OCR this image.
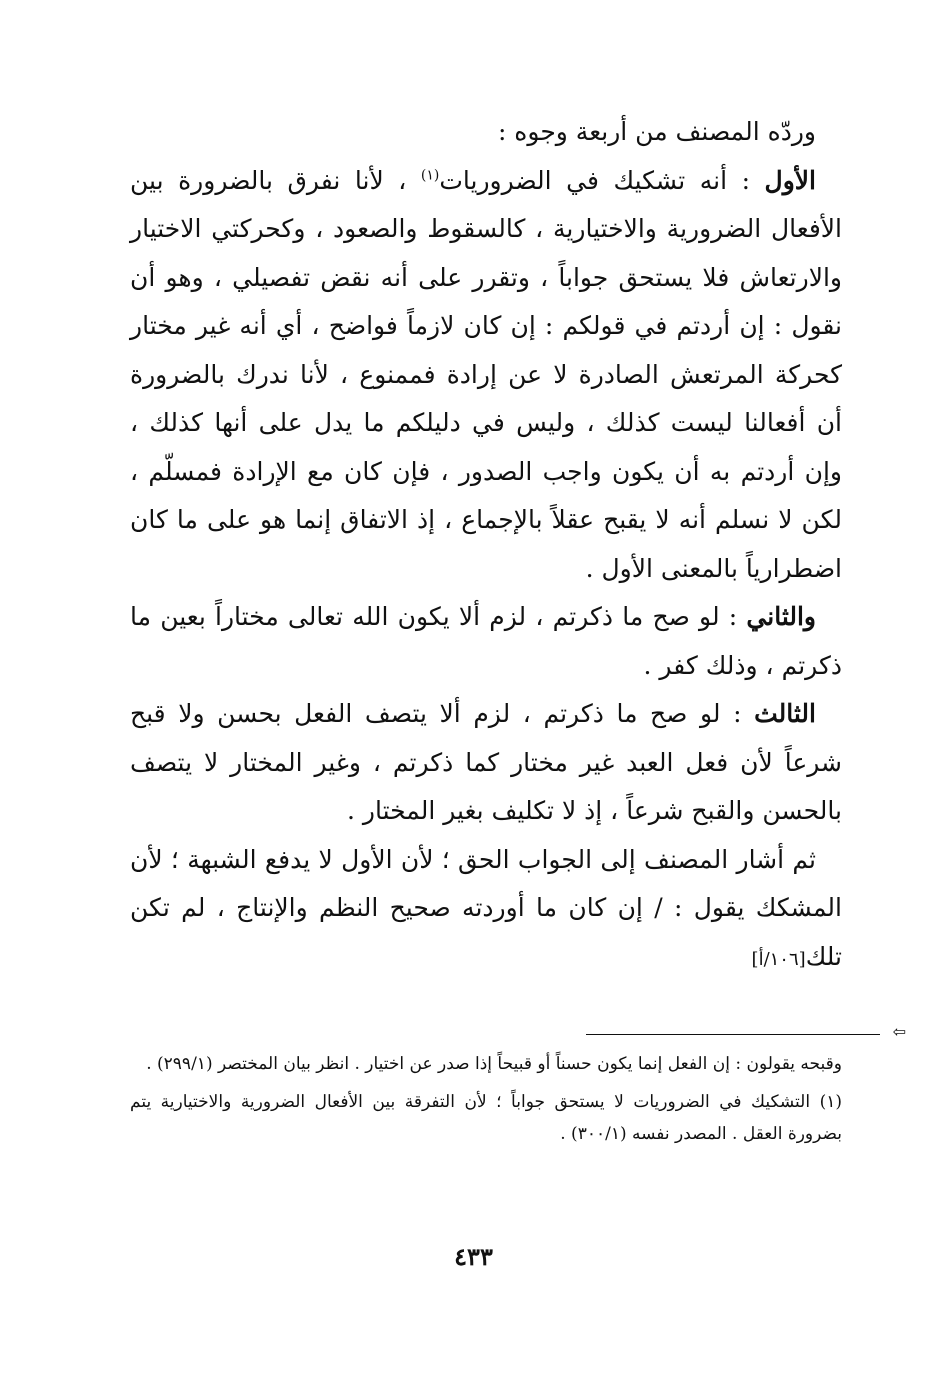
وردّه المصنف من أربعة وجوه :

الأول : أنه تشكيك في الضروريات$^{(١)}$ ، لأنا نفرق بالضرورة بين الأفعال الضرورية والاختيارية ، كالسقوط والصعود ، وكحركتي الاختيار والارتعاش فلا يستحق جواباً ، وتقرر على أنه نقض تفصيلي ، وهو أن نقول : إن أردتم في قولكم : إن كان لازماً فواضح ، أي أنه غير مختار كحركة المرتعش الصادرة لا عن إرادة فممنوع ، لأنا ندرك بالضرورة أن أفعالنا ليست كذلك ، وليس في دليلكم ما يدل على أنها كذلك ، وإن أردتم به أن يكون واجب الصدور ، فإن كان مع الإرادة فمسلّم ، لكن لا نسلم أنه لا يقبح عقلاً بالإجماع ، إذ الاتفاق إنما هو على ما كان اضطرارياً بالمعنى الأول .

والثاني : لو صح ما ذكرتم ، لزم ألا يكون الله تعالى مختاراً بعين ما ذكرتم ، وذلك كفر .

الثالث : لو صح ما ذكرتم ، لزم ألا يتصف الفعل بحسن ولا قبح شرعاً لأن فعل العبد غير مختار كما ذكرتم ، وغير المختار لا يتصف بالحسن والقبح شرعاً ، إذ لا تكليف بغير المختار .

ثم أشار المصنف إلى الجواب الحق ؛ لأن الأول لا يدفع الشبهة ؛ لأن المشكك يقول : / إن كان ما أوردته صحيح النظم والإنتاج ، لم تكن تلك[١٠٦/أ]

⇦

وقبحه يقولون : إن الفعل إنما يكون حسناً أو قبيحاً إذا صدر عن اختيار . انظر بيان المختصر (٢٩٩/١) .

(١) التشكيك في الضروريات لا يستحق جواباً ؛ لأن التفرقة بين الأفعال الضرورية والاختيارية يتم بضرورة العقل . المصدر نفسه (٣٠٠/١) .

٤٣٣
